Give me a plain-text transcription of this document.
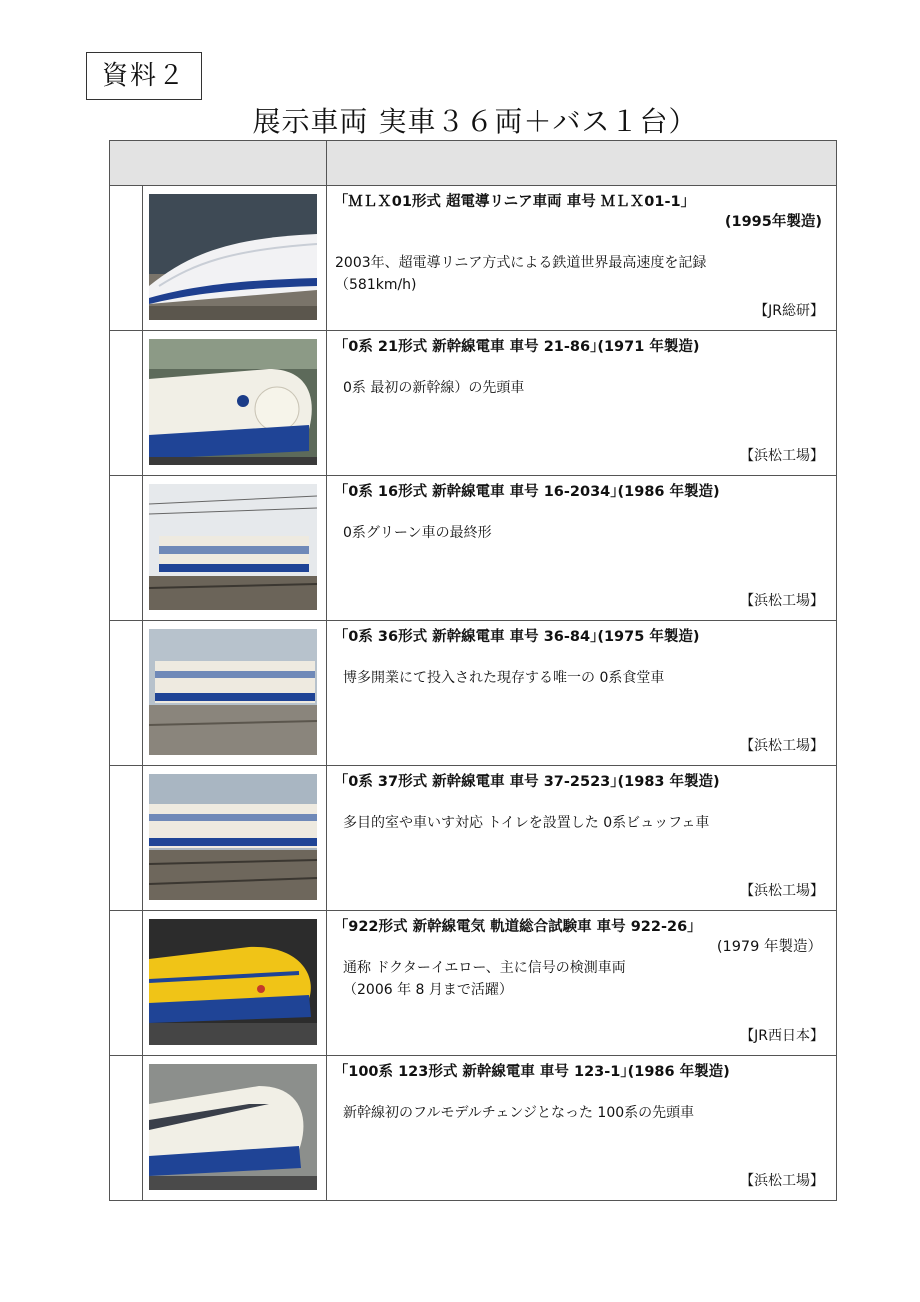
資料２
展示車両 実車３６両＋バス１台）

｢ＭＬＸ01形式 超電導リニア車両 車号 ＭＬＸ01-1｣
(1995年製造)
2003年、超電導リニア方式による鉄道世界最高速度を記録
（581km/h)
【JR総研】

｢0系 21形式 新幹線電車 車号 21-86｣(1971 年製造)
0系 最初の新幹線）の先頭車
【浜松工場】

｢0系 16形式 新幹線電車 車号 16-2034｣(1986 年製造)
0系グリーン車の最終形
【浜松工場】

｢0系 36形式 新幹線電車 車号 36-84｣(1975 年製造)
博多開業にて投入された現存する唯一の 0系食堂車
【浜松工場】

｢0系 37形式 新幹線電車 車号 37-2523｣(1983 年製造)
多目的室や車いす対応 トイレを設置した 0系ビュッフェ車
【浜松工場】

｢922形式 新幹線電気 軌道総合試験車 車号 922-26｣
(1979 年製造）
通称 ドクターイエロー、主に信号の検測車両
（2006 年 8 月まで活躍）
【JR西日本】

｢100系 123形式 新幹線電車 車号 123-1｣(1986 年製造)
新幹線初のフルモデルチェンジとなった 100系の先頭車
【浜松工場】
